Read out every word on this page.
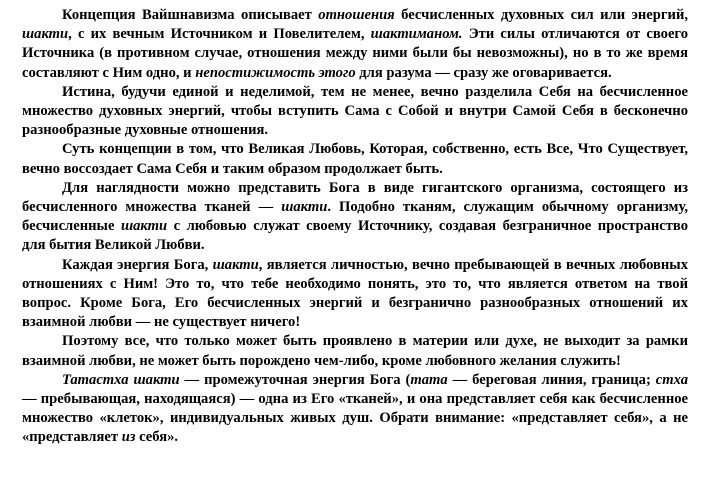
Концепция Вайшнавизма описывает отношения бесчисленных духовных сил или энергий, шакти, с их вечным Источником и Повелителем, шактиманом. Эти силы отличаются от своего Источника (в противном случае, отношения между ними были бы невозможны), но в то же время составляют с Ним одно, и непостижимость этого для разума — сразу же оговаривается.

Истина, будучи единой и неделимой, тем не менее, вечно разделила Себя на бесчисленное множество духовных энергий, чтобы вступить Сама с Собой и внутри Самой Себя в бесконечно разнообразные духовные отношения.

Суть концепции в том, что Великая Любовь, Которая, собственно, есть Все, Что Существует, вечно воссоздает Сама Себя и таким образом продолжает быть.

Для наглядности можно представить Бога в виде гигантского организма, состоящего из бесчисленного множества тканей — шакти. Подобно тканям, служащим обычному организму, бесчисленные шакти с любовью служат своему Источнику, создавая безграничное пространство для бытия Великой Любви.

Каждая энергия Бога, шакти, является личностью, вечно пребывающей в вечных любовных отношениях с Ним! Это то, что тебе необходимо понять, это то, что является ответом на твой вопрос. Кроме Бога, Его бесчисленных энергий и безгранично разнообразных отношений их взаимной любви — не существует ничего!

Поэтому все, что только может быть проявлено в материи или духе, не выходит за рамки взаимной любви, не может быть порождено чем-либо, кроме любовного желания служить!

Татастха шакти — промежуточная энергия Бога (тата — береговая линия, граница; стха — пребывающая, находящаяся) — одна из Его «тканей», и она представляет себя как бесчисленное множество «клеток», индивидуальных живых душ. Обрати внимание: «представляет себя», а не «представляет из себя».
